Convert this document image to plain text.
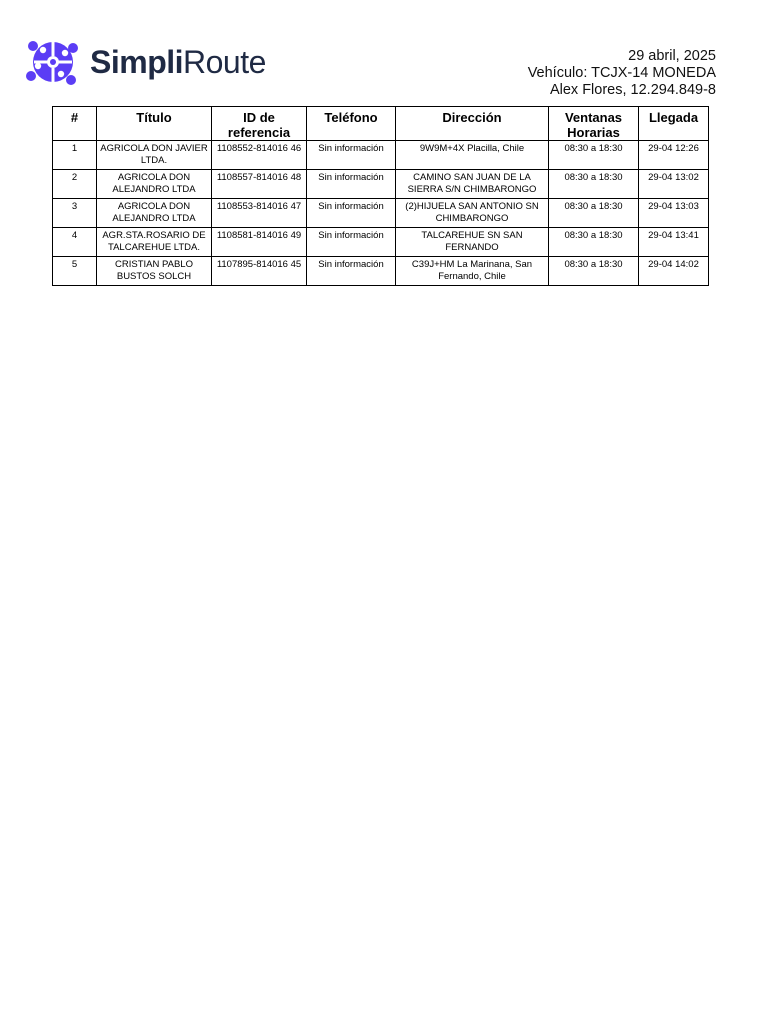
Simpli Route	29 abril, 2025
Vehículo: TCJX-14 MONEDA
Alex Flores, 12.294.849-8
#	Título	ID de referencia	Teléfono	Dirección	Ventanas Horarias	Llegada
1	AGRICOLA DON JAVIER LTDA.	1108552-814016 46	Sin información	9W9M+4X Placilla, Chile	08:30 a 18:30	29-04 12:26
2	AGRICOLA DON ALEJANDRO LTDA	1108557-814016 48	Sin información	CAMINO SAN JUAN DE LA SIERRA S/N CHIMBARONGO	08:30 a 18:30	29-04 13:02
3	AGRICOLA DON ALEJANDRO LTDA	1108553-814016 47	Sin información	(2)HIJUELA SAN ANTONIO SN CHIMBARONGO	08:30 a 18:30	29-04 13:03
4	AGR.STA.ROSARIO DE TALCAREHUE LTDA.	1108581-814016 49	Sin información	TALCAREHUE SN SAN FERNANDO	08:30 a 18:30	29-04 13:41
5	CRISTIAN PABLO BUSTOS SOLCH	1107895-814016 45	Sin información	C39J+HM La Marinana, San Fernando, Chile	08:30 a 18:30	29-04 14:02
